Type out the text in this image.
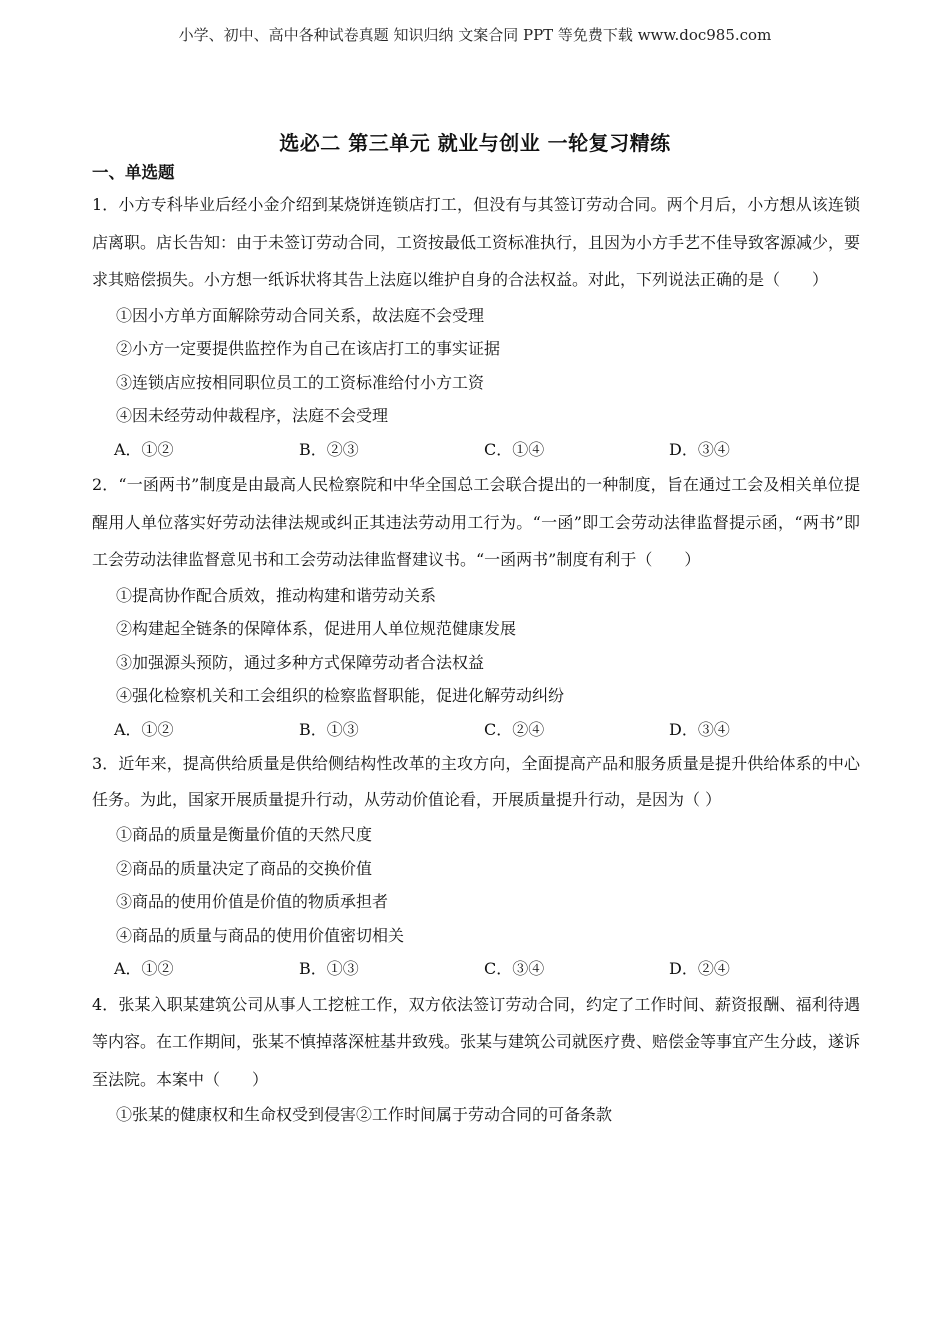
小学、初中、高中各种试卷真题 知识归纳 文案合同 PPT 等免费下载 www.doc985.com
选必二 第三单元 就业与创业 一轮复习精练
一、单选题

1．小方专科毕业后经小金介绍到某烧饼连锁店打工，但没有与其签订劳动合同。两个月后，小方想从该连锁店离职。店长告知：由于未签订劳动合同，工资按最低工资标准执行，且因为小方手艺不佳导致客源减少，要求其赔偿损失。小方想一纸诉状将其告上法庭以维护自身的合法权益。对此，下列说法正确的是（　　）

①因小方单方面解除劳动合同关系，故法庭不会受理

②小方一定要提供监控作为自己在该店打工的事实证据

③连锁店应按相同职位员工的工资标准给付小方工资

④因未经劳动仲裁程序，法庭不会受理

A．①②	B．②③	C．①④	D．③④

2．“一函两书”制度是由最高人民检察院和中华全国总工会联合提出的一种制度，旨在通过工会及相关单位提醒用人单位落实好劳动法律法规或纠正其违法劳动用工行为。“一函”即工会劳动法律监督提示函，“两书”即工会劳动法律监督意见书和工会劳动法律监督建议书。“一函两书”制度有利于（　　）

①提高协作配合质效，推动构建和谐劳动关系

②构建起全链条的保障体系，促进用人单位规范健康发展

③加强源头预防，通过多种方式保障劳动者合法权益

④强化检察机关和工会组织的检察监督职能，促进化解劳动纠纷

A．①②	B．①③	C．②④	D．③④

3．近年来，提高供给质量是供给侧结构性改革的主攻方向，全面提高产品和服务质量是提升供给体系的中心任务。为此，国家开展质量提升行动，从劳动价值论看，开展质量提升行动，是因为（ ）

①商品的质量是衡量价值的天然尺度

②商品的质量决定了商品的交换价值

③商品的使用价值是价值的物质承担者

④商品的质量与商品的使用价值密切相关

A．①②	B．①③	C．③④	D．②④

4．张某入职某建筑公司从事人工挖桩工作，双方依法签订劳动合同，约定了工作时间、薪资报酬、福利待遇等内容。在工作期间，张某不慎掉落深桩基井致残。张某与建筑公司就医疗费、赔偿金等事宜产生分歧，遂诉至法院。本案中（　　）

①张某的健康权和生命权受到侵害②工作时间属于劳动合同的可备条款
